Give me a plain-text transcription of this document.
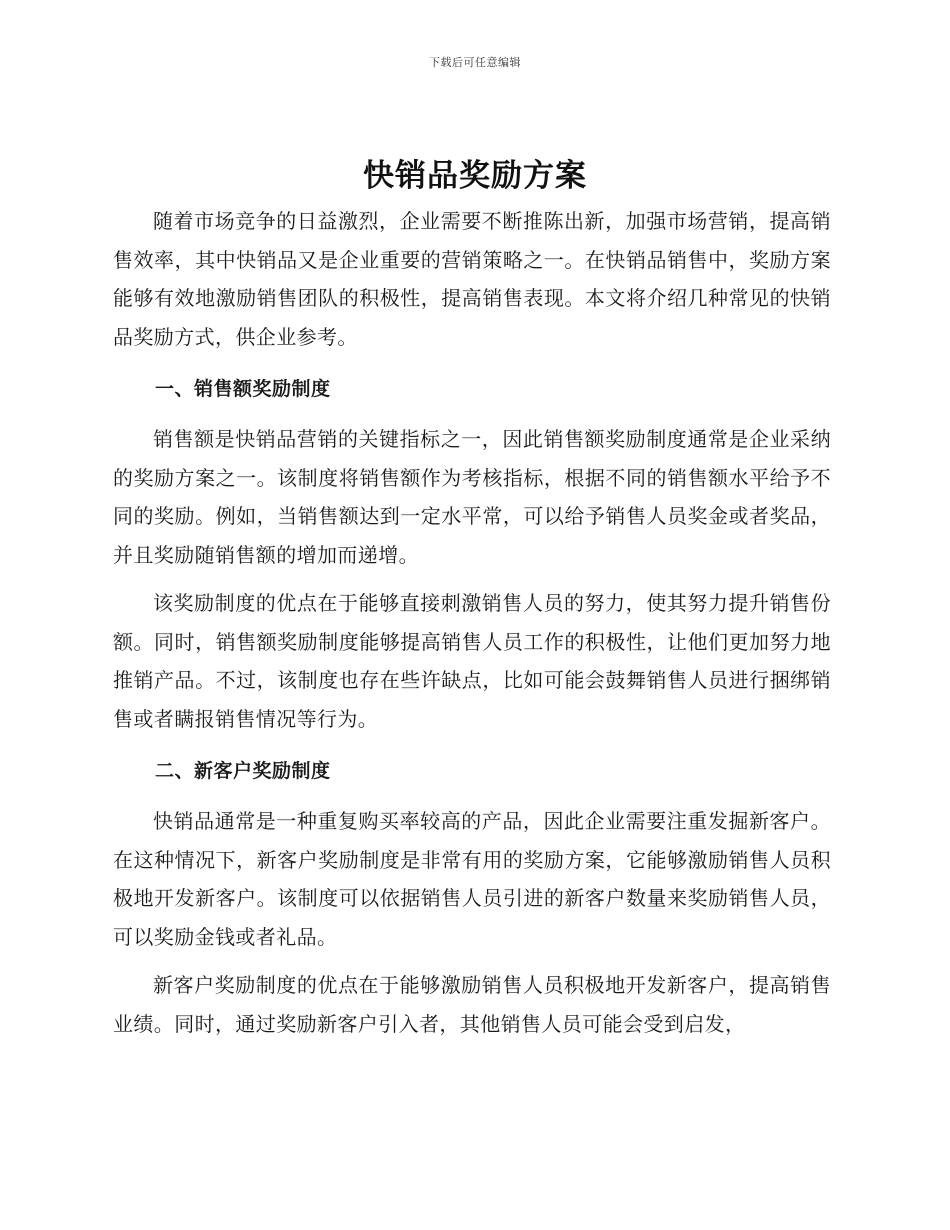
下载后可任意编辑
快销品奖励方案

随着市场竞争的日益激烈，企业需要不断推陈出新，加强市场营销，提高销售效率，其中快销品又是企业重要的营销策略之一。在快销品销售中，奖励方案能够有效地激励销售团队的积极性，提高销售表现。本文将介绍几种常见的快销品奖励方式，供企业参考。

一、销售额奖励制度

销售额是快销品营销的关键指标之一，因此销售额奖励制度通常是企业采纳的奖励方案之一。该制度将销售额作为考核指标，根据不同的销售额水平给予不同的奖励。例如，当销售额达到一定水平常，可以给予销售人员奖金或者奖品，并且奖励随销售额的增加而递增。

该奖励制度的优点在于能够直接刺激销售人员的努力，使其努力提升销售份额。同时，销售额奖励制度能够提高销售人员工作的积极性，让他们更加努力地推销产品。不过，该制度也存在些许缺点，比如可能会鼓舞销售人员进行捆绑销售或者瞒报销售情况等行为。

二、新客户奖励制度

快销品通常是一种重复购买率较高的产品，因此企业需要注重发掘新客户。在这种情况下，新客户奖励制度是非常有用的奖励方案，它能够激励销售人员积极地开发新客户。该制度可以依据销售人员引进的新客户数量来奖励销售人员，可以奖励金钱或者礼品。

新客户奖励制度的优点在于能够激励销售人员积极地开发新客户，提高销售业绩。同时，通过奖励新客户引入者，其他销售人员可能会受到启发，
